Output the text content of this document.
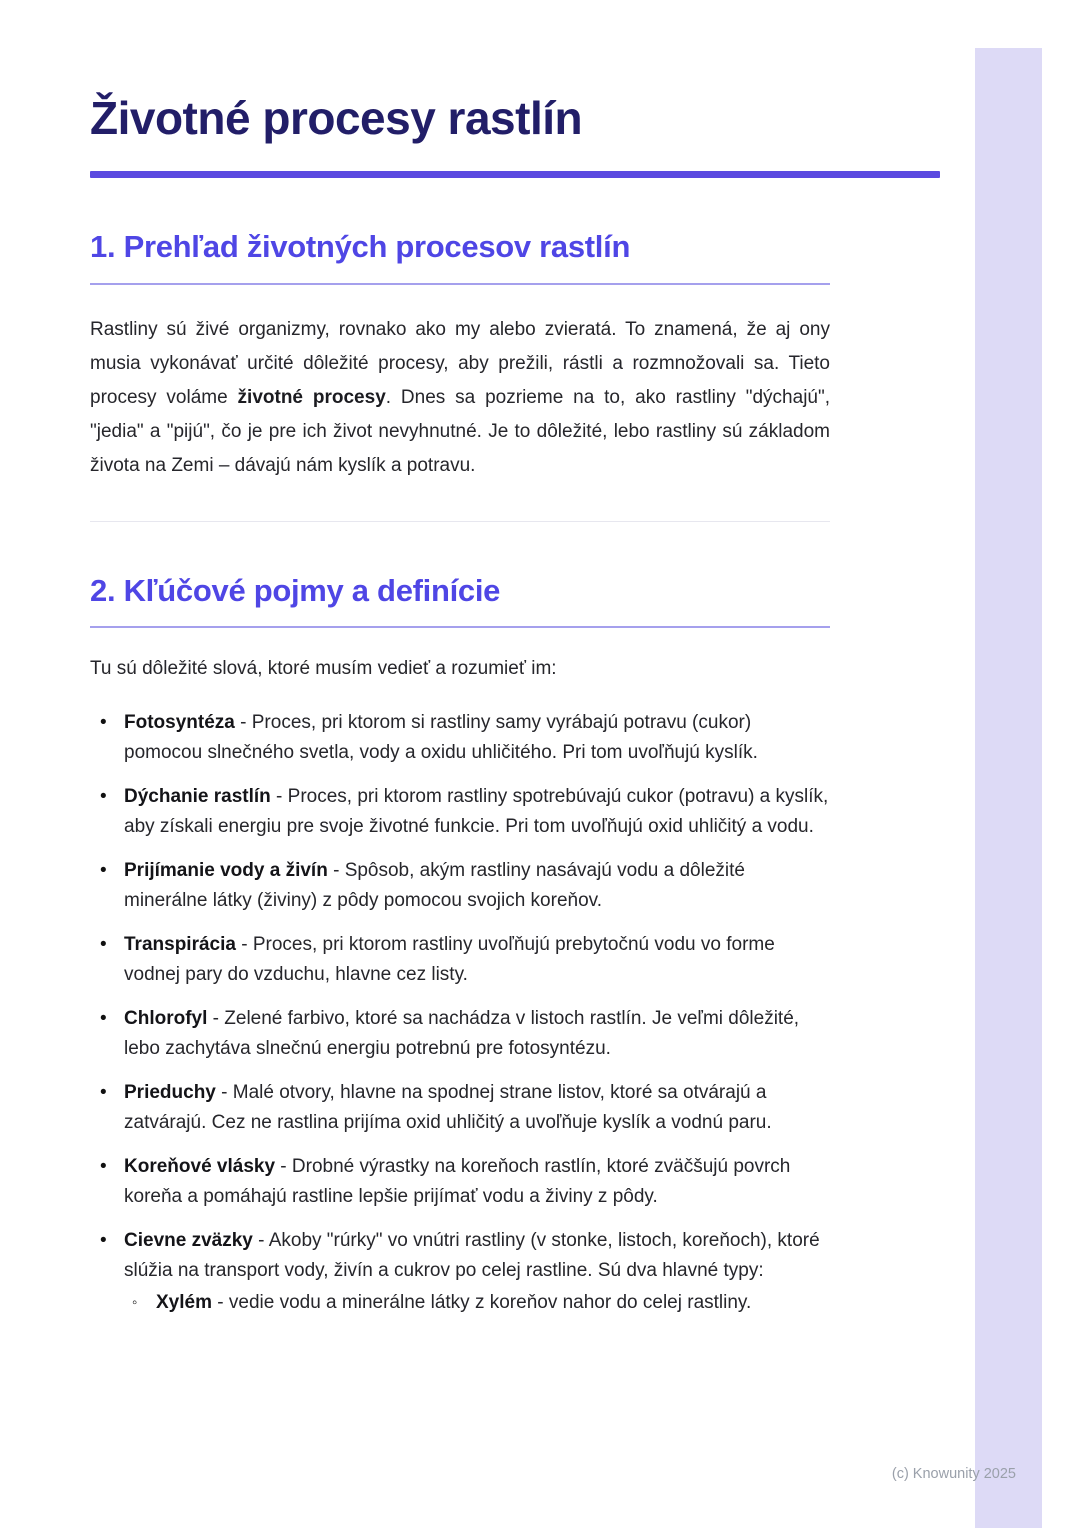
Životné procesy rastlín
1. Prehľad životných procesov rastlín

Rastliny sú živé organizmy, rovnako ako my alebo zvieratá. To znamená, že aj ony musia vykonávať určité dôležité procesy, aby prežili, rástli a rozmnožovali sa. Tieto procesy voláme životné procesy. Dnes sa pozrieme na to, ako rastliny "dýchajú", "jedia" a "pijú", čo je pre ich život nevyhnutné. Je to dôležité, lebo rastliny sú základom života na Zemi – dávajú nám kyslík a potravu.

2. Kľúčové pojmy a definície

Tu sú dôležité slová, ktoré musím vedieť a rozumieť im:

• Fotosyntéza - Proces, pri ktorom si rastliny samy vyrábajú potravu (cukor) pomocou slnečného svetla, vody a oxidu uhličitého. Pri tom uvoľňujú kyslík.
• Dýchanie rastlín - Proces, pri ktorom rastliny spotrebúvajú cukor (potravu) a kyslík, aby získali energiu pre svoje životné funkcie. Pri tom uvoľňujú oxid uhličitý a vodu.
• Prijímanie vody a živín - Spôsob, akým rastliny nasávajú vodu a dôležité minerálne látky (živiny) z pôdy pomocou svojich koreňov.
• Transpirácia - Proces, pri ktorom rastliny uvoľňujú prebytočnú vodu vo forme vodnej pary do vzduchu, hlavne cez listy.
• Chlorofyl - Zelené farbivo, ktoré sa nachádza v listoch rastlín. Je veľmi dôležité, lebo zachytáva slnečnú energiu potrebnú pre fotosyntézu.
• Prieduchy - Malé otvory, hlavne na spodnej strane listov, ktoré sa otvárajú a zatvárajú. Cez ne rastlina prijíma oxid uhličitý a uvoľňuje kyslík a vodnú paru.
• Koreňové vlásky - Drobné výrastky na koreňoch rastlín, ktoré zväčšujú povrch koreňa a pomáhajú rastline lepšie prijímať vodu a živiny z pôdy.
• Cievne zväzky - Akoby "rúrky" vo vnútri rastliny (v stonke, listoch, koreňoch), ktoré slúžia na transport vody, živín a cukrov po celej rastline. Sú dva hlavné typy:
◦ Xylém - vedie vodu a minerálne látky z koreňov nahor do celej rastliny.
(c) Knowunity 2025
